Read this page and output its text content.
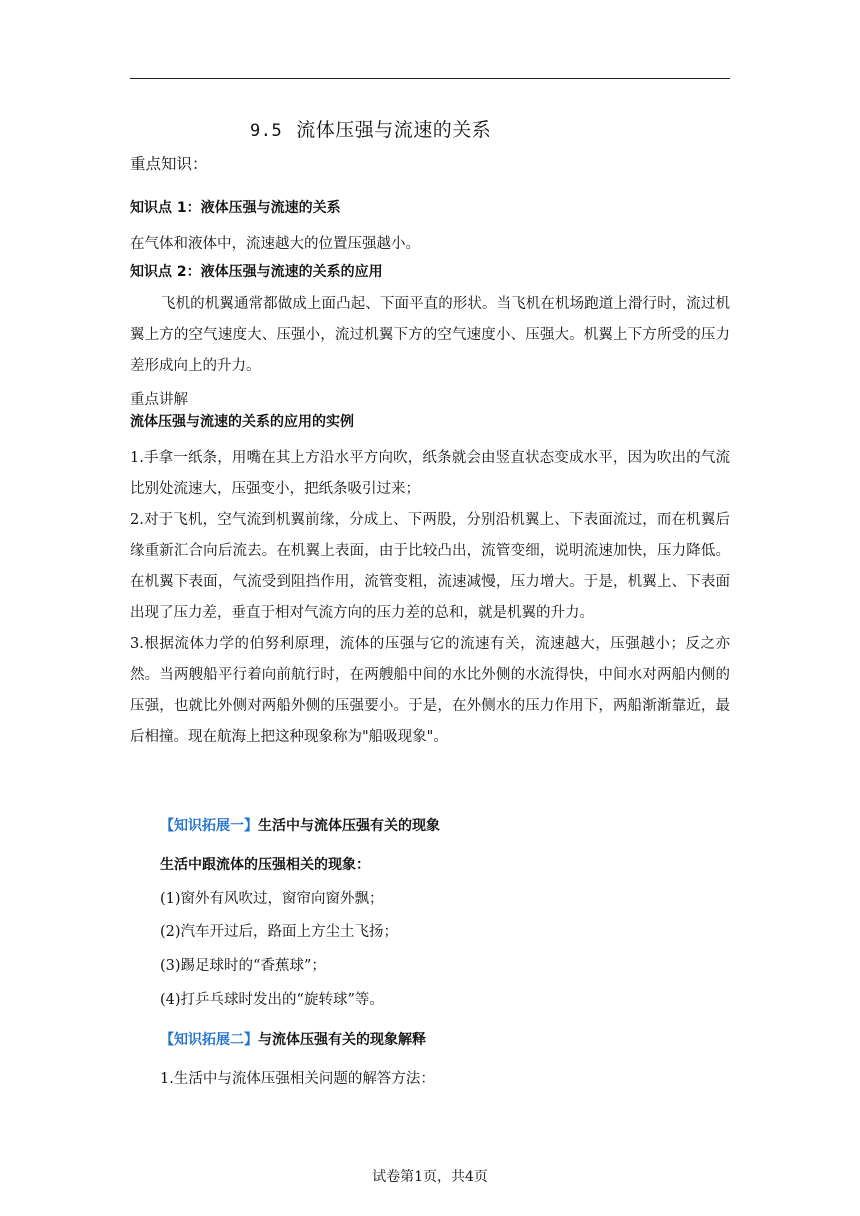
9.5 流体压强与流速的关系
重点知识：
知识点 1：液体压强与流速的关系
在气体和液体中，流速越大的位置压强越小。
知识点 2：液体压强与流速的关系的应用
飞机的机翼通常都做成上面凸起、下面平直的形状。当飞机在机场跑道上滑行时，流过机翼上方的空气速度大、压强小，流过机翼下方的空气速度小、压强大。机翼上下方所受的压力差形成向上的升力。
重点讲解
流体压强与流速的关系的应用的实例
1.手拿一纸条，用嘴在其上方沿水平方向吹，纸条就会由竖直状态变成水平，因为吹出的气流比别处流速大，压强变小，把纸条吸引过来；
2.对于飞机，空气流到机翼前缘，分成上、下两股，分别沿机翼上、下表面流过，而在机翼后缘重新汇合向后流去。在机翼上表面，由于比较凸出，流管变细，说明流速加快，压力降低。在机翼下表面，气流受到阻挡作用，流管变粗，流速减慢，压力增大。于是，机翼上、下表面出现了压力差，垂直于相对气流方向的压力差的总和，就是机翼的升力。
3.根据流体力学的伯努利原理，流体的压强与它的流速有关，流速越大，压强越小；反之亦然。当两艘船平行着向前航行时，在两艘船中间的水比外侧的水流得快，中间水对两船内侧的压强，也就比外侧对两船外侧的压强要小。于是，在外侧水的压力作用下，两船渐渐靠近，最后相撞。现在航海上把这种现象称为"船吸现象"。
【知识拓展一】生活中与流体压强有关的现象
生活中跟流体的压强相关的现象：
(1)窗外有风吹过，窗帘向窗外飘；
(2)汽车开过后，路面上方尘土飞扬；
(3)踢足球时的“香蕉球”；
(4)打乒乓球时发出的“旋转球”等。
【知识拓展二】与流体压强有关的现象解释
1.生活中与流体压强相关问题的解答方法：
试卷第1页，共4页
